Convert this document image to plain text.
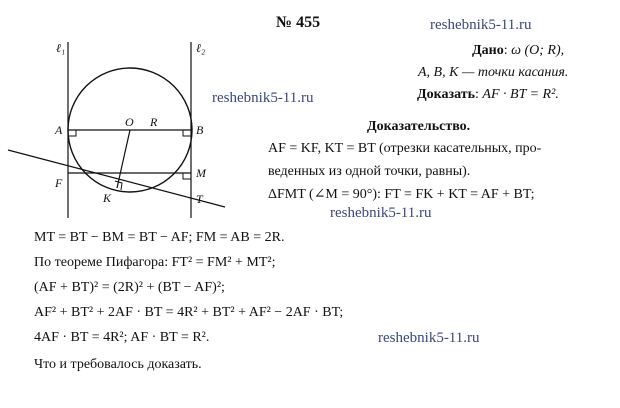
ℓ₁	ℓ₂
A
O R
B
F
M
K	T
№ 455	reshebnik5-11.ru
reshebnik5-11.ru
reshebnik5-11.ru
reshebnik5-11.ru
Дано: ω (O; R),
A, B, K — точки касания.
Доказать: AF · BT = R².
Доказательство.
AF = KF, KT = BT (отрезки касательных, про-
веденных из одной точки, равны).
ΔFMT (∠M = 90°): FT = FK + KT = AF + BT;
MT = BT − BM = BT − AF; FM = AB = 2R.
По теореме Пифагора: FT² = FM² + MT²;
(AF + BT)² = (2R)² + (BT − AF)²;
AF² + BT² + 2AF · BT = 4R² + BT² + AF² − 2AF · BT;
4AF · BT = 4R²; AF · BT = R².
Что и требовалось доказать.
